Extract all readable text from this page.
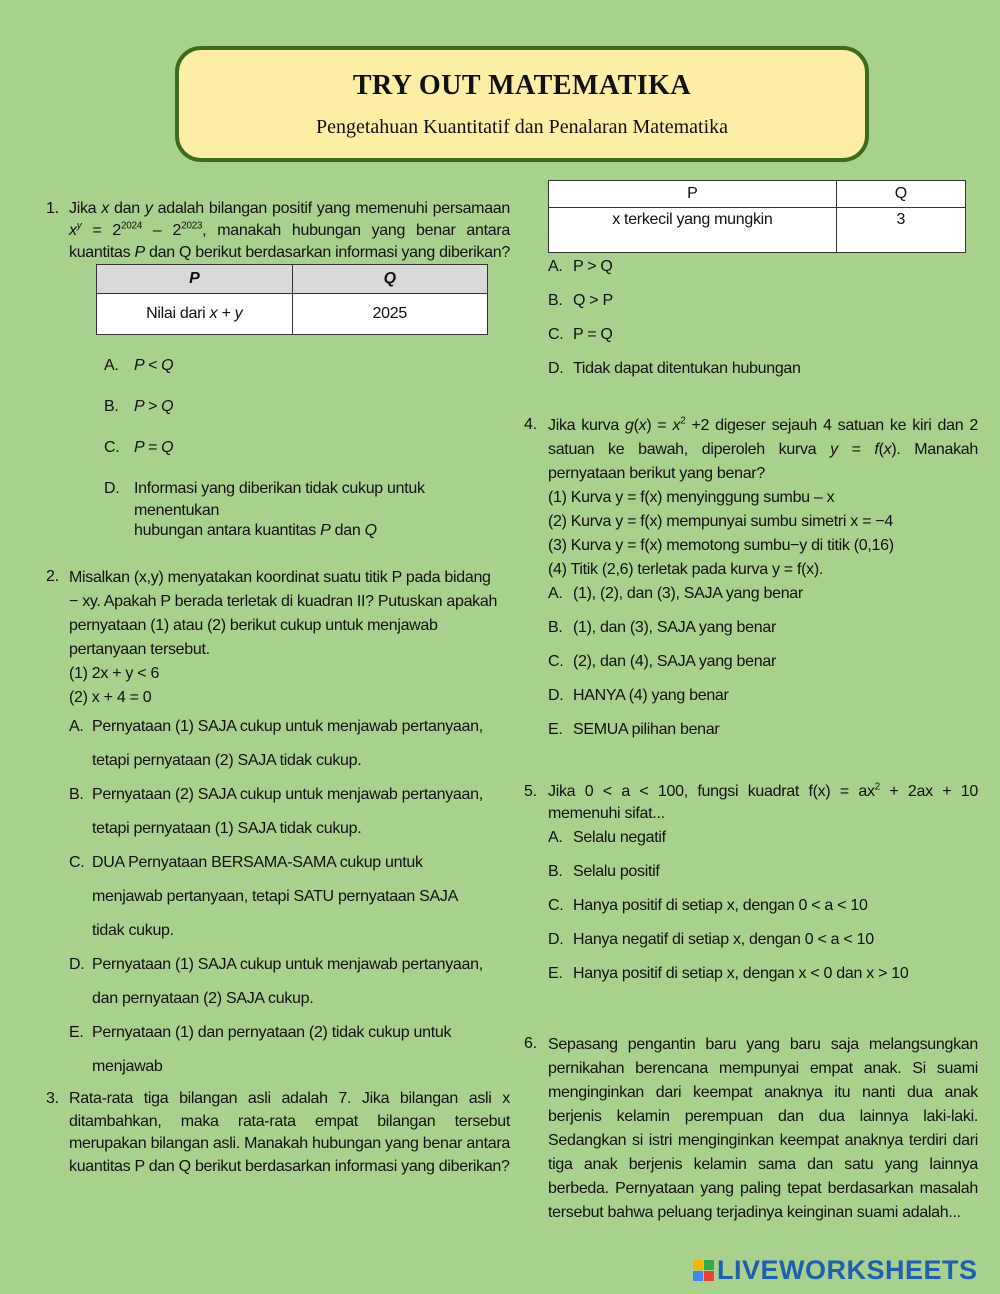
TRY OUT MATEMATIKA
Pengetahuan Kuantitatif dan Penalaran Matematika
1. Jika x dan y adalah bilangan positif yang memenuhi persamaan $x^y = 2^{2024} - 2^{2023}$, manakah hubungan yang benar antara kuantitas P dan Q berikut berdasarkan informasi yang diberikan?
P	Q
Nilai dari x + y	2025
A. P < Q
B. P > Q
C. P = Q
D. Informasi yang diberikan tidak cukup untuk menentukan
hubungan antara kuantitas P dan Q
2. Misalkan (x,y) menyatakan koordinat suatu titik P pada bidang − xy. Apakah P berada terletak di kuadran II? Putuskan apakah pernyataan (1) atau (2) berikut cukup untuk menjawab pertanyaan tersebut.
(1) 2x + y < 6
(2) x + 4 = 0
A. Pernyataan (1) SAJA cukup untuk menjawab pertanyaan,
tetapi pernyataan (2) SAJA tidak cukup.
B. Pernyataan (2) SAJA cukup untuk menjawab pertanyaan,
tetapi pernyataan (1) SAJA tidak cukup.
C. DUA Pernyataan BERSAMA-SAMA cukup untuk
menjawab pertanyaan, tetapi SATU pernyataan SAJA
tidak cukup.
D. Pernyataan (1) SAJA cukup untuk menjawab pertanyaan,
dan pernyataan (2) SAJA cukup.
E. Pernyataan (1) dan pernyataan (2) tidak cukup untuk
menjawab
3. Rata-rata tiga bilangan asli adalah 7. Jika bilangan asli x ditambahkan, maka rata-rata empat bilangan tersebut merupakan bilangan asli. Manakah hubungan yang benar antara kuantitas P dan Q berikut berdasarkan informasi yang diberikan?
P	Q
x terkecil yang mungkin	3
A. P > Q
B. Q > P
C. P = Q
D. Tidak dapat ditentukan hubungan
4. Jika kurva $g(x) = x^2 +2$ digeser sejauh 4 satuan ke kiri dan 2 satuan ke bawah, diperoleh kurva y = f(x). Manakah pernyataan berikut yang benar?
(1) Kurva y = f(x) menyinggung sumbu – x
(2) Kurva y = f(x) mempunyai sumbu simetri x = −4
(3) Kurva y = f(x) memotong sumbu−y di titik (0,16)
(4) Titik (2,6) terletak pada kurva y = f(x).
A. (1), (2), dan (3), SAJA yang benar
B. (1), dan (3), SAJA yang benar
C. (2), dan (4), SAJA yang benar
D. HANYA (4) yang benar
E. SEMUA pilihan benar
5. Jika 0 < a < 100, fungsi kuadrat $f(x) = ax^2 + 2ax + 10$ memenuhi sifat...
A. Selalu negatif
B. Selalu positif
C. Hanya positif di setiap x, dengan 0 < a < 10
D. Hanya negatif di setiap x, dengan 0 < a < 10
E. Hanya positif di setiap x, dengan x < 0 dan x > 10
6. Sepasang pengantin baru yang baru saja melangsungkan pernikahan berencana mempunyai empat anak. Si suami menginginkan dari keempat anaknya itu nanti dua anak berjenis kelamin perempuan dan dua lainnya laki-laki. Sedangkan si istri menginginkan keempat anaknya terdiri dari tiga anak berjenis kelamin sama dan satu yang lainnya berbeda. Pernyataan yang paling tepat berdasarkan masalah tersebut bahwa peluang terjadinya keinginan suami adalah...
LIVEWORKSHEETS
